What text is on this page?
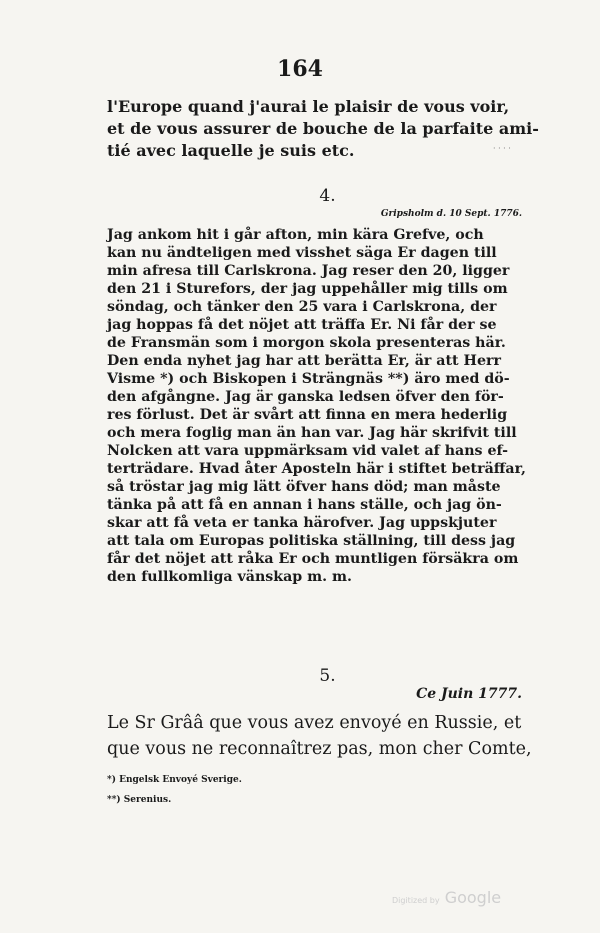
164
l'Europe quand j'aurai le plaisir de vous voir,
et de vous assurer de bouche de la parfaite ami-
tié avec laquelle je suis etc.	· · · ·
4.
Gripsholm d. 10 Sept. 1776.
Jag ankom hit i går afton, min kära Grefve, och
kan nu ändteligen med visshet säga Er dagen till
min afresa till Carlskrona. Jag reser den 20, ligger
den 21 i Sturefors, der jag uppehåller mig tills om
söndag, och tänker den 25 vara i Carlskrona, der
jag hoppas få det nöjet att träffa Er. Ni får der se
de Fransmän som i morgon skola presenteras här.
Den enda nyhet jag har att berätta Er, är att Herr
Visme *) och Biskopen i Strängnäs **) äro med dö-
den afgångne. Jag är ganska ledsen öfver den för-
res förlust. Det är svårt att finna en mera hederlig
och mera foglig man än han var. Jag här skrifvit till
Nolcken att vara uppmärksam vid valet af hans ef-
terträdare. Hvad åter Aposteln här i stiftet beträffar,
så tröstar jag mig lätt öfver hans död; man måste
tänka på att få en annan i hans ställe, och jag ön-
skar att få veta er tanka härofver. Jag uppskjuter
att tala om Europas politiska ställning, till dess jag
får det nöjet att råka Er och muntligen försäkra om
den fullkomliga vänskap m. m.
5.
Ce Juin 1777.
Le Sr Grââ que vous avez envoyé en Russie, et
que vous ne reconnaîtrez pas, mon cher Comte,
*) Engelsk Envoyé Sverige.
**) Serenius.
Digitized by Google
